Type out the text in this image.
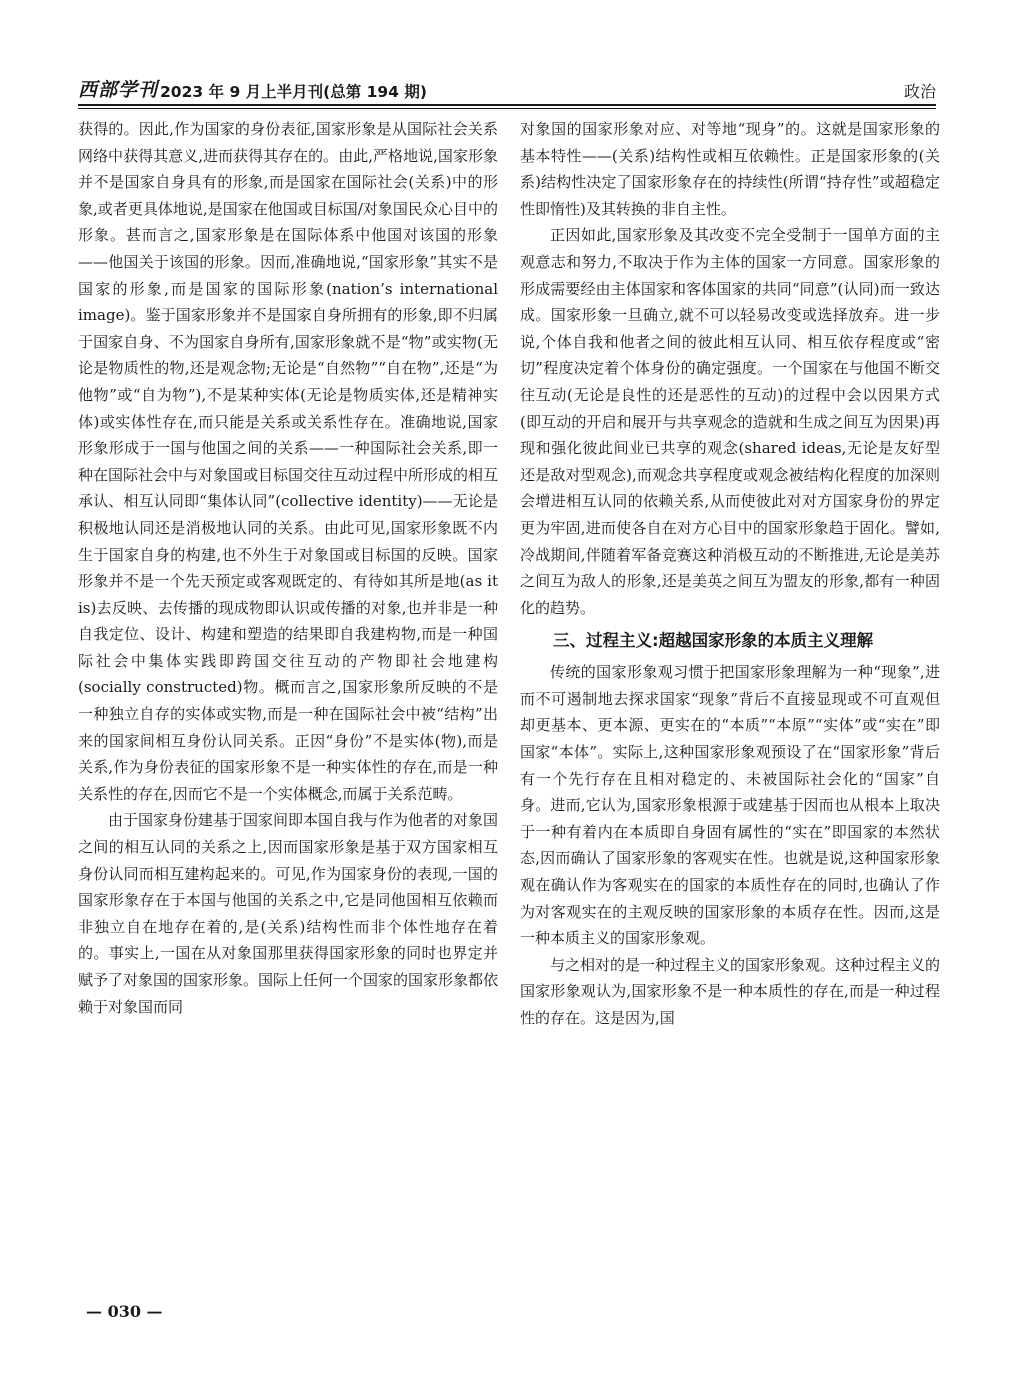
西部学刊 2023 年 9 月上半月刊(总第 194 期)	政治

获得的。因此,作为国家的身份表征,国家形象是从国际社会关系网络中获得其意义,进而获得其存在的。由此,严格地说,国家形象并不是国家自身具有的形象,而是国家在国际社会(关系)中的形象,或者更具体地说,是国家在他国或目标国/对象国民众心目中的形象。甚而言之,国家形象是在国际体系中他国对该国的形象——他国关于该国的形象。因而,准确地说,“国家形象”其实不是国家的形象,而是国家的国际形象(nation’s international image)。鉴于国家形象并不是国家自身所拥有的形象,即不归属于国家自身、不为国家自身所有,国家形象就不是“物”或实物(无论是物质性的物,还是观念物;无论是“自然物”“自在物”,还是“为他物”或“自为物”),不是某种实体(无论是物质实体,还是精神实体)或实体性存在,而只能是关系或关系性存在。准确地说,国家形象形成于一国与他国之间的关系——一种国际社会关系,即一种在国际社会中与对象国或目标国交往互动过程中所形成的相互承认、相互认同即“集体认同”(collective identity)——无论是积极地认同还是消极地认同的关系。由此可见,国家形象既不内生于国家自身的构建,也不外生于对象国或目标国的反映。国家形象并不是一个先天预定或客观既定的、有待如其所是地(as it is)去反映、去传播的现成物即认识或传播的对象,也并非是一种自我定位、设计、构建和塑造的结果即自我建构物,而是一种国际社会中集体实践即跨国交往互动的产物即社会地建构(socially constructed)物。概而言之,国家形象所反映的不是一种独立自存的实体或实物,而是一种在国际社会中被“结构”出来的国家间相互身份认同关系。正因“身份”不是实体(物),而是关系,作为身份表征的国家形象不是一种实体性的存在,而是一种关系性的存在,因而它不是一个实体概念,而属于关系范畴。

由于国家身份建基于国家间即本国自我与作为他者的对象国之间的相互认同的关系之上,因而国家形象是基于双方国家相互身份认同而相互建构起来的。可见,作为国家身份的表现,一国的国家形象存在于本国与他国的关系之中,它是同他国相互依赖而非独立自在地存在着的,是(关系)结构性而非个体性地存在着的。事实上,一国在从对象国那里获得国家形象的同时也界定并赋予了对象国的国家形象。国际上任何一个国家的国家形象都依赖于对象国而同

对象国的国家形象对应、对等地“现身”的。这就是国家形象的基本特性——(关系)结构性或相互依赖性。正是国家形象的(关系)结构性决定了国家形象存在的持续性(所谓“持存性”或超稳定性即惰性)及其转换的非自主性。

正因如此,国家形象及其改变不完全受制于一国单方面的主观意志和努力,不取决于作为主体的国家一方同意。国家形象的形成需要经由主体国家和客体国家的共同“同意”(认同)而一致达成。国家形象一旦确立,就不可以轻易改变或选择放弃。进一步说,个体自我和他者之间的彼此相互认同、相互依存程度或“密切”程度决定着个体身份的确定强度。一个国家在与他国不断交往互动(无论是良性的还是恶性的互动)的过程中会以因果方式(即互动的开启和展开与共享观念的造就和生成之间互为因果)再现和强化彼此间业已共享的观念(shared ideas,无论是友好型还是敌对型观念),而观念共享程度或观念被结构化程度的加深则会增进相互认同的依赖关系,从而使彼此对对方国家身份的界定更为牢固,进而使各自在对方心目中的国家形象趋于固化。譬如,冷战期间,伴随着军备竞赛这种消极互动的不断推进,无论是美苏之间互为敌人的形象,还是美英之间互为盟友的形象,都有一种固化的趋势。

三、过程主义:超越国家形象的本质主义理解

传统的国家形象观习惯于把国家形象理解为一种“现象”,进而不可遏制地去探求国家“现象”背后不直接显现或不可直观但却更基本、更本源、更实在的“本质”“本原”“实体”或“实在”即国家“本体”。实际上,这种国家形象观预设了在“国家形象”背后有一个先行存在且相对稳定的、未被国际社会化的“国家”自身。进而,它认为,国家形象根源于或建基于因而也从根本上取决于一种有着内在本质即自身固有属性的“实在”即国家的本然状态,因而确认了国家形象的客观实在性。也就是说,这种国家形象观在确认作为客观实在的国家的本质性存在的同时,也确认了作为对客观实在的主观反映的国家形象的本质存在性。因而,这是一种本质主义的国家形象观。

与之相对的是一种过程主义的国家形象观。这种过程主义的国家形象观认为,国家形象不是一种本质性的存在,而是一种过程性的存在。这是因为,国

— 030 —
